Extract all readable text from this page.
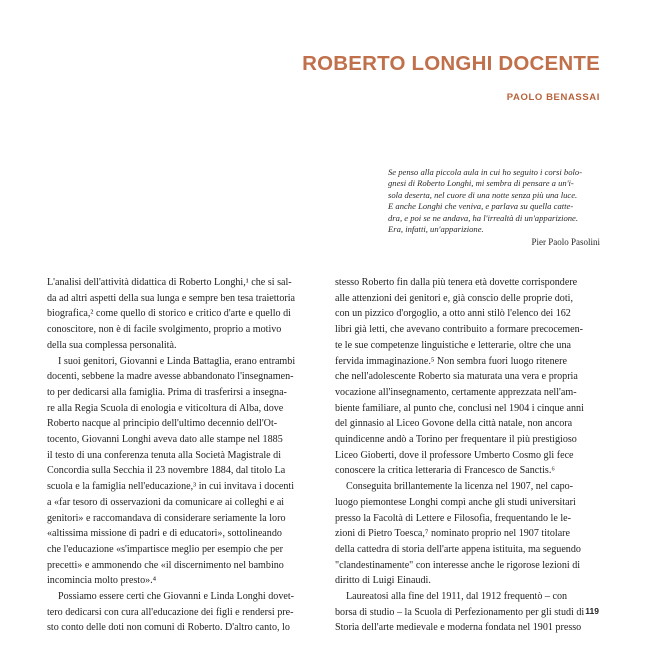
ROBERTO LONGHI DOCENTE
PAOLO BENASSAI
Se penso alla piccola aula in cui ho seguito i corsi bolo-
gnesi di Roberto Longhi, mi sembra di pensare a un'i-
sola deserta, nel cuore di una notte senza più una luce.
E anche Longhi che veniva, e parlava su quella catte-
dra, e poi se ne andava, ha l'irrealtà di un'apparizione.
Era, infatti, un'apparizione.
Pier Paolo Pasolini
L'analisi dell'attività didattica di Roberto Longhi,¹ che si sal-
da ad altri aspetti della sua lunga e sempre ben tesa traiettoria
biografica,² come quello di storico e critico d'arte e quello di
conoscitore, non è di facile svolgimento, proprio a motivo
della sua complessa personalità.
I suoi genitori, Giovanni e Linda Battaglia, erano entrambi
docenti, sebbene la madre avesse abbandonato l'insegnamen-
to per dedicarsi alla famiglia. Prima di trasferirsi a insegna-
re alla Regia Scuola di enologia e viticoltura di Alba, dove
Roberto nacque al principio dell'ultimo decennio dell'Ot-
tocento, Giovanni Longhi aveva dato alle stampe nel 1885
il testo di una conferenza tenuta alla Società Magistrale di
Concordia sulla Secchia il 23 novembre 1884, dal titolo La
scuola e la famiglia nell'educazione,³ in cui invitava i docenti
a «far tesoro di osservazioni da comunicare ai colleghi e ai
genitori» e raccomandava di considerare seriamente la loro
«altissima missione di padri e di educatori», sottolineando
che l'educazione «s'impartisce meglio per esempio che per
precetti» e ammonendo che «il discernimento nel bambino
incomincia molto presto».⁴
Possiamo essere certi che Giovanni e Linda Longhi dovet-
tero dedicarsi con cura all'educazione dei figli e rendersi pre-
sto conto delle doti non comuni di Roberto. D'altro canto, lo
stesso Roberto fin dalla più tenera età dovette corrispondere
alle attenzioni dei genitori e, già conscio delle proprie doti,
con un pizzico d'orgoglio, a otto anni stilò l'elenco dei 162
libri già letti, che avevano contribuito a formare precocemen-
te le sue competenze linguistiche e letterarie, oltre che una
fervida immaginazione.⁵ Non sembra fuori luogo ritenere
che nell'adolescente Roberto sia maturata una vera e propria
vocazione all'insegnamento, certamente apprezzata nell'am-
biente familiare, al punto che, conclusi nel 1904 i cinque anni
del ginnasio al Liceo Govone della città natale, non ancora
quindicenne andò a Torino per frequentare il più prestigioso
Liceo Gioberti, dove il professore Umberto Cosmo gli fece
conoscere la critica letteraria di Francesco de Sanctis.⁶
Conseguita brillantemente la licenza nel 1907, nel capo-
luogo piemontese Longhi compì anche gli studi universitari
presso la Facoltà di Lettere e Filosofia, frequentando le le-
zioni di Pietro Toesca,⁷ nominato proprio nel 1907 titolare
della cattedra di storia dell'arte appena istituita, ma seguendo
"clandestinamente" con interesse anche le rigorose lezioni di
diritto di Luigi Einaudi.
Laureatosi alla fine del 1911, dal 1912 frequentò – con
borsa di studio – la Scuola di Perfezionamento per gli studi di
Storia dell'arte medievale e moderna fondata nel 1901 presso
119
